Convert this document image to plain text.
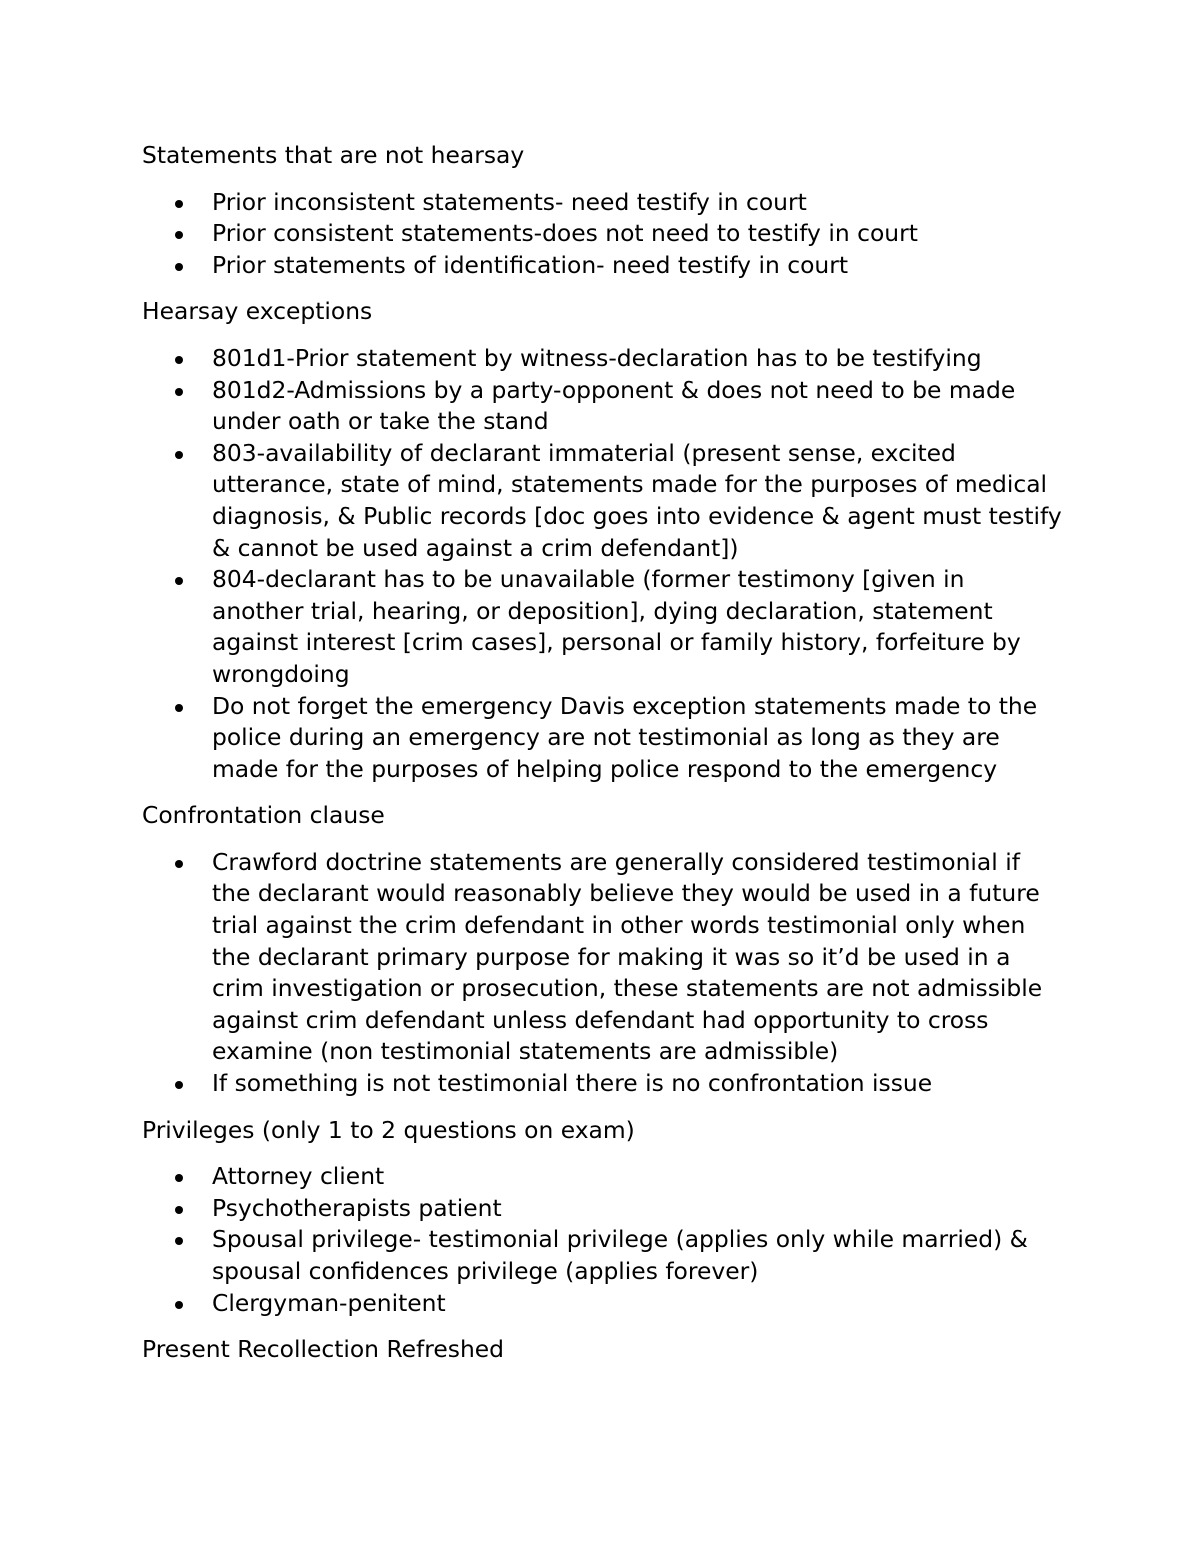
Statements that are not hearsay

Prior inconsistent statements- need testify in court
Prior consistent statements-does not need to testify in court
Prior statements of identification- need testify in court

Hearsay exceptions

801d1-Prior statement by witness-declaration has to be testifying
801d2-Admissions by a party-opponent & does not need to be made under oath or take the stand
803-availability of declarant immaterial (present sense, excited utterance, state of mind, statements made for the purposes of medical diagnosis, & Public records [doc goes into evidence & agent must testify & cannot be used against a crim defendant])
804-declarant has to be unavailable (former testimony [given in another trial, hearing, or deposition], dying declaration, statement against interest [crim cases], personal or family history, forfeiture by wrongdoing
Do not forget the emergency Davis exception statements made to the police during an emergency are not testimonial as long as they are made for the purposes of helping police respond to the emergency

Confrontation clause

Crawford doctrine statements are generally considered testimonial if the declarant would reasonably believe they would be used in a future trial against the crim defendant in other words testimonial only when the declarant primary purpose for making it was so it’d be used in a crim investigation or prosecution, these statements are not admissible against crim defendant unless defendant had opportunity to cross examine (non testimonial statements are admissible)
If something is not testimonial there is no confrontation issue

Privileges (only 1 to 2 questions on exam)

Attorney client
Psychotherapists patient
Spousal privilege- testimonial privilege (applies only while married) & spousal confidences privilege (applies forever)
Clergyman-penitent

Present Recollection Refreshed
